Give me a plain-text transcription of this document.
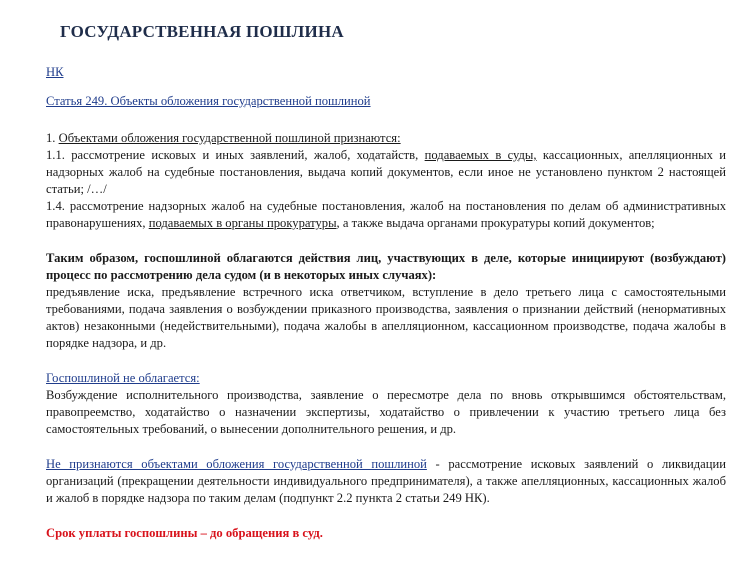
ГОСУДАРСТВЕННАЯ ПОШЛИНА

НК

Статья 249. Объекты обложения государственной пошлиной

1. Объектами обложения государственной пошлиной признаются:

1.1. рассмотрение исковых и иных заявлений, жалоб, ходатайств, подаваемых в суды, кассационных, апелляционных и надзорных жалоб на судебные постановления, выдача копий документов, если иное не установлено пунктом 2 настоящей статьи; /…/

1.4. рассмотрение надзорных жалоб на судебные постановления, жалоб на постановления по делам об административных правонарушениях, подаваемых в органы прокуратуры, а также выдача органами прокуратуры копий документов;

Таким образом, госпошлиной облагаются действия лиц, участвующих в деле, которые инициируют (возбуждают) процесс по рассмотрению дела судом (и в некоторых иных случаях):

предъявление иска, предъявление встречного иска ответчиком, вступление в дело третьего лица с самостоятельными требованиями, подача заявления о возбуждении приказного производства, заявления о признании действий (ненормативных актов) незаконными (недействительными), подача жалобы в апелляционном, кассационном производстве, подача жалобы в порядке надзора, и др.

Госпошлиной не облагается:

Возбуждение исполнительного производства, заявление о пересмотре дела по вновь открывшимся обстоятельствам, правопреемство, ходатайство о назначении экспертизы, ходатайство о привлечении к участию третьего лица без самостоятельных требований, о вынесении дополнительного решения, и др.

Не признаются объектами обложения государственной пошлиной - рассмотрение исковых заявлений о ликвидации организаций (прекращении деятельности индивидуального предпринимателя), а также апелляционных, кассационных жалоб и жалоб в порядке надзора по таким делам (подпункт 2.2 пункта 2 статьи 249 НК).

Срок уплаты госпошлины – до обращения в суд.
